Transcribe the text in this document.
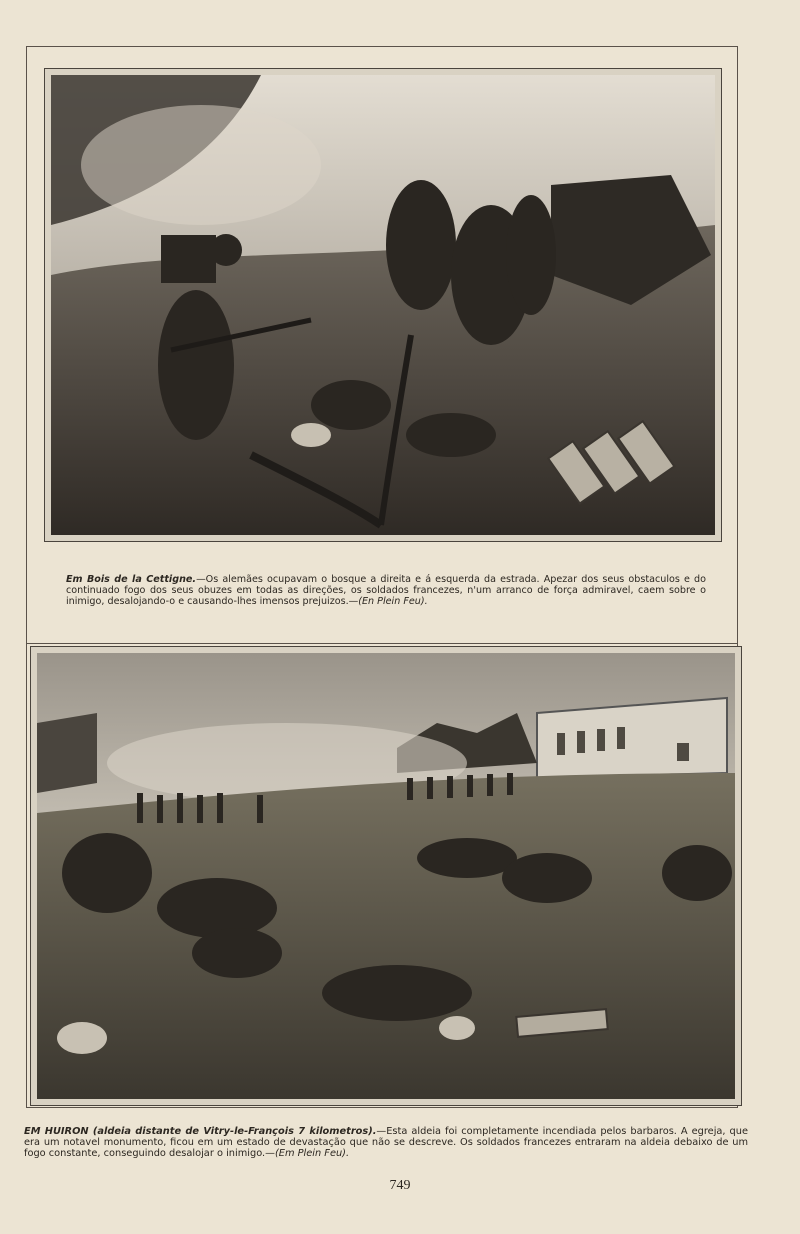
Em Bois de la Cettigne.—Os alemães ocupavam o bosque a direita e á esquerda da estrada. Apezar dos seus obstaculos e do continuado fogo dos seus obuzes em todas as direções, os soldados francezes, n'um arranco de força admiravel, caem sobre o inimigo, desalojando-o e causando-lhes imensos prejuizos.—(En Plein Feu).
EM HUIRON (aldeia distante de Vitry-le-François 7 kilometros).—Esta aldeia foi completamente incendiada pelos barbaros. A egreja, que era um notavel monumento, ficou em um estado de devastação que não se descreve. Os soldados francezes entraram na aldeia debaixo de um fogo constante, conseguindo desalojar o inimigo.—(Em Plein Feu).
749
